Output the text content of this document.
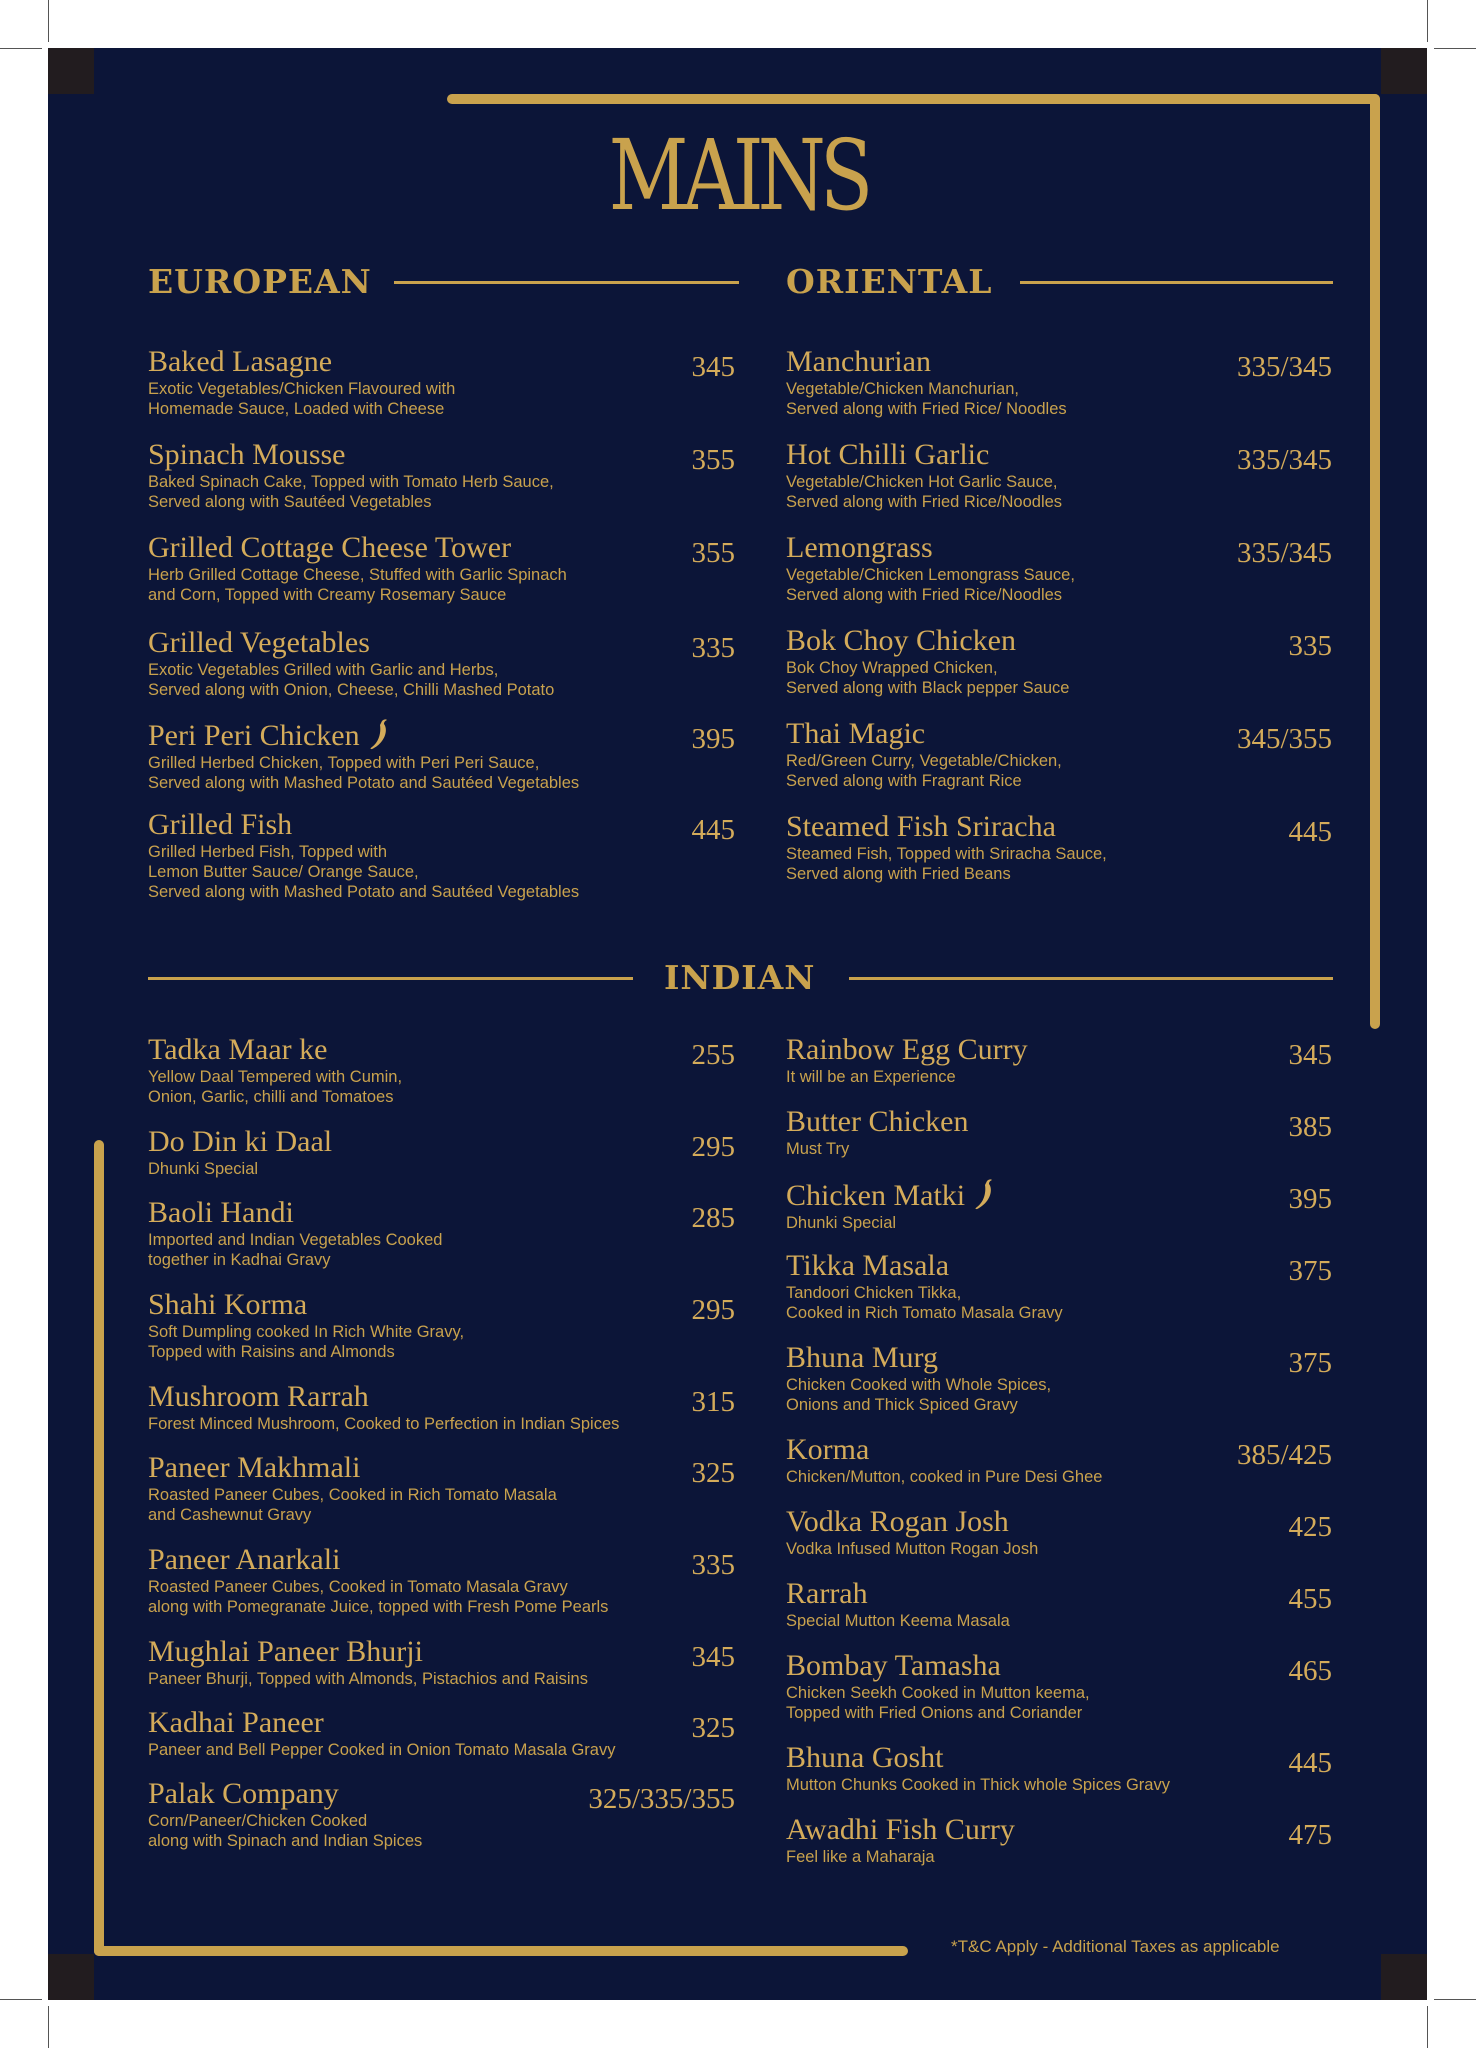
MAINS
EUROPEAN	ORIENTAL
INDIAN
Baked Lasagne	345
Exotic Vegetables/Chicken Flavoured with
Homemade Sauce, Loaded with Cheese
Spinach Mousse	355
Baked Spinach Cake, Topped with Tomato Herb Sauce,
Served along with Sautéed Vegetables
Grilled Cottage Cheese Tower	355
Herb Grilled Cottage Cheese, Stuffed with Garlic Spinach
and Corn, Topped with Creamy Rosemary Sauce
Grilled Vegetables	335
Exotic Vegetables Grilled with Garlic and Herbs,
Served along with Onion, Cheese, Chilli Mashed Potato
Peri Peri Chicken	395
Grilled Herbed Chicken, Topped with Peri Peri Sauce,
Served along with Mashed Potato and Sautéed Vegetables
Grilled Fish	445
Grilled Herbed Fish, Topped with
Lemon Butter Sauce/ Orange Sauce,
Served along with Mashed Potato and Sautéed Vegetables
Manchurian	335/345
Vegetable/Chicken Manchurian,
Served along with Fried Rice/ Noodles
Hot Chilli Garlic	335/345
Vegetable/Chicken Hot Garlic Sauce,
Served along with Fried Rice/Noodles
Lemongrass	335/345
Vegetable/Chicken Lemongrass Sauce,
Served along with Fried Rice/Noodles
Bok Choy Chicken	335
Bok Choy Wrapped Chicken,
Served along with Black pepper Sauce
Thai Magic	345/355
Red/Green Curry, Vegetable/Chicken,
Served along with Fragrant Rice
Steamed Fish Sriracha	445
Steamed Fish, Topped with Sriracha Sauce,
Served along with Fried Beans
Tadka Maar ke	255
Yellow Daal Tempered with Cumin,
Onion, Garlic, chilli and Tomatoes
Do Din ki Daal	295
Dhunki Special
Baoli Handi	285
Imported and Indian Vegetables Cooked
together in Kadhai Gravy
Shahi Korma	295
Soft Dumpling cooked In Rich White Gravy,
Topped with Raisins and Almonds
Mushroom Rarrah	315
Forest Minced Mushroom, Cooked to Perfection in Indian Spices
Paneer Makhmali	325
Roasted Paneer Cubes, Cooked in Rich Tomato Masala
and Cashewnut Gravy
Paneer Anarkali	335
Roasted Paneer Cubes, Cooked in Tomato Masala Gravy
along with Pomegranate Juice, topped with Fresh Pome Pearls
Mughlai Paneer Bhurji	345
Paneer Bhurji, Topped with Almonds, Pistachios and Raisins
Kadhai Paneer	325
Paneer and Bell Pepper Cooked in Onion Tomato Masala Gravy
Palak Company	325/335/355
Corn/Paneer/Chicken Cooked
along with Spinach and Indian Spices
Rainbow Egg Curry	345
It will be an Experience
Butter Chicken	385
Must Try
Chicken Matki	395
Dhunki Special
Tikka Masala	375
Tandoori Chicken Tikka,
Cooked in Rich Tomato Masala Gravy
Bhuna Murg	375
Chicken Cooked with Whole Spices,
Onions and Thick Spiced Gravy
Korma	385/425
Chicken/Mutton, cooked in Pure Desi Ghee
Vodka Rogan Josh	425
Vodka Infused Mutton Rogan Josh
Rarrah	455
Special Mutton Keema Masala
Bombay Tamasha	465
Chicken Seekh Cooked in Mutton keema,
Topped with Fried Onions and Coriander
Bhuna Gosht	445
Mutton Chunks Cooked in Thick whole Spices Gravy
Awadhi Fish Curry	475
Feel like a Maharaja
*T&C Apply - Additional Taxes as applicable
